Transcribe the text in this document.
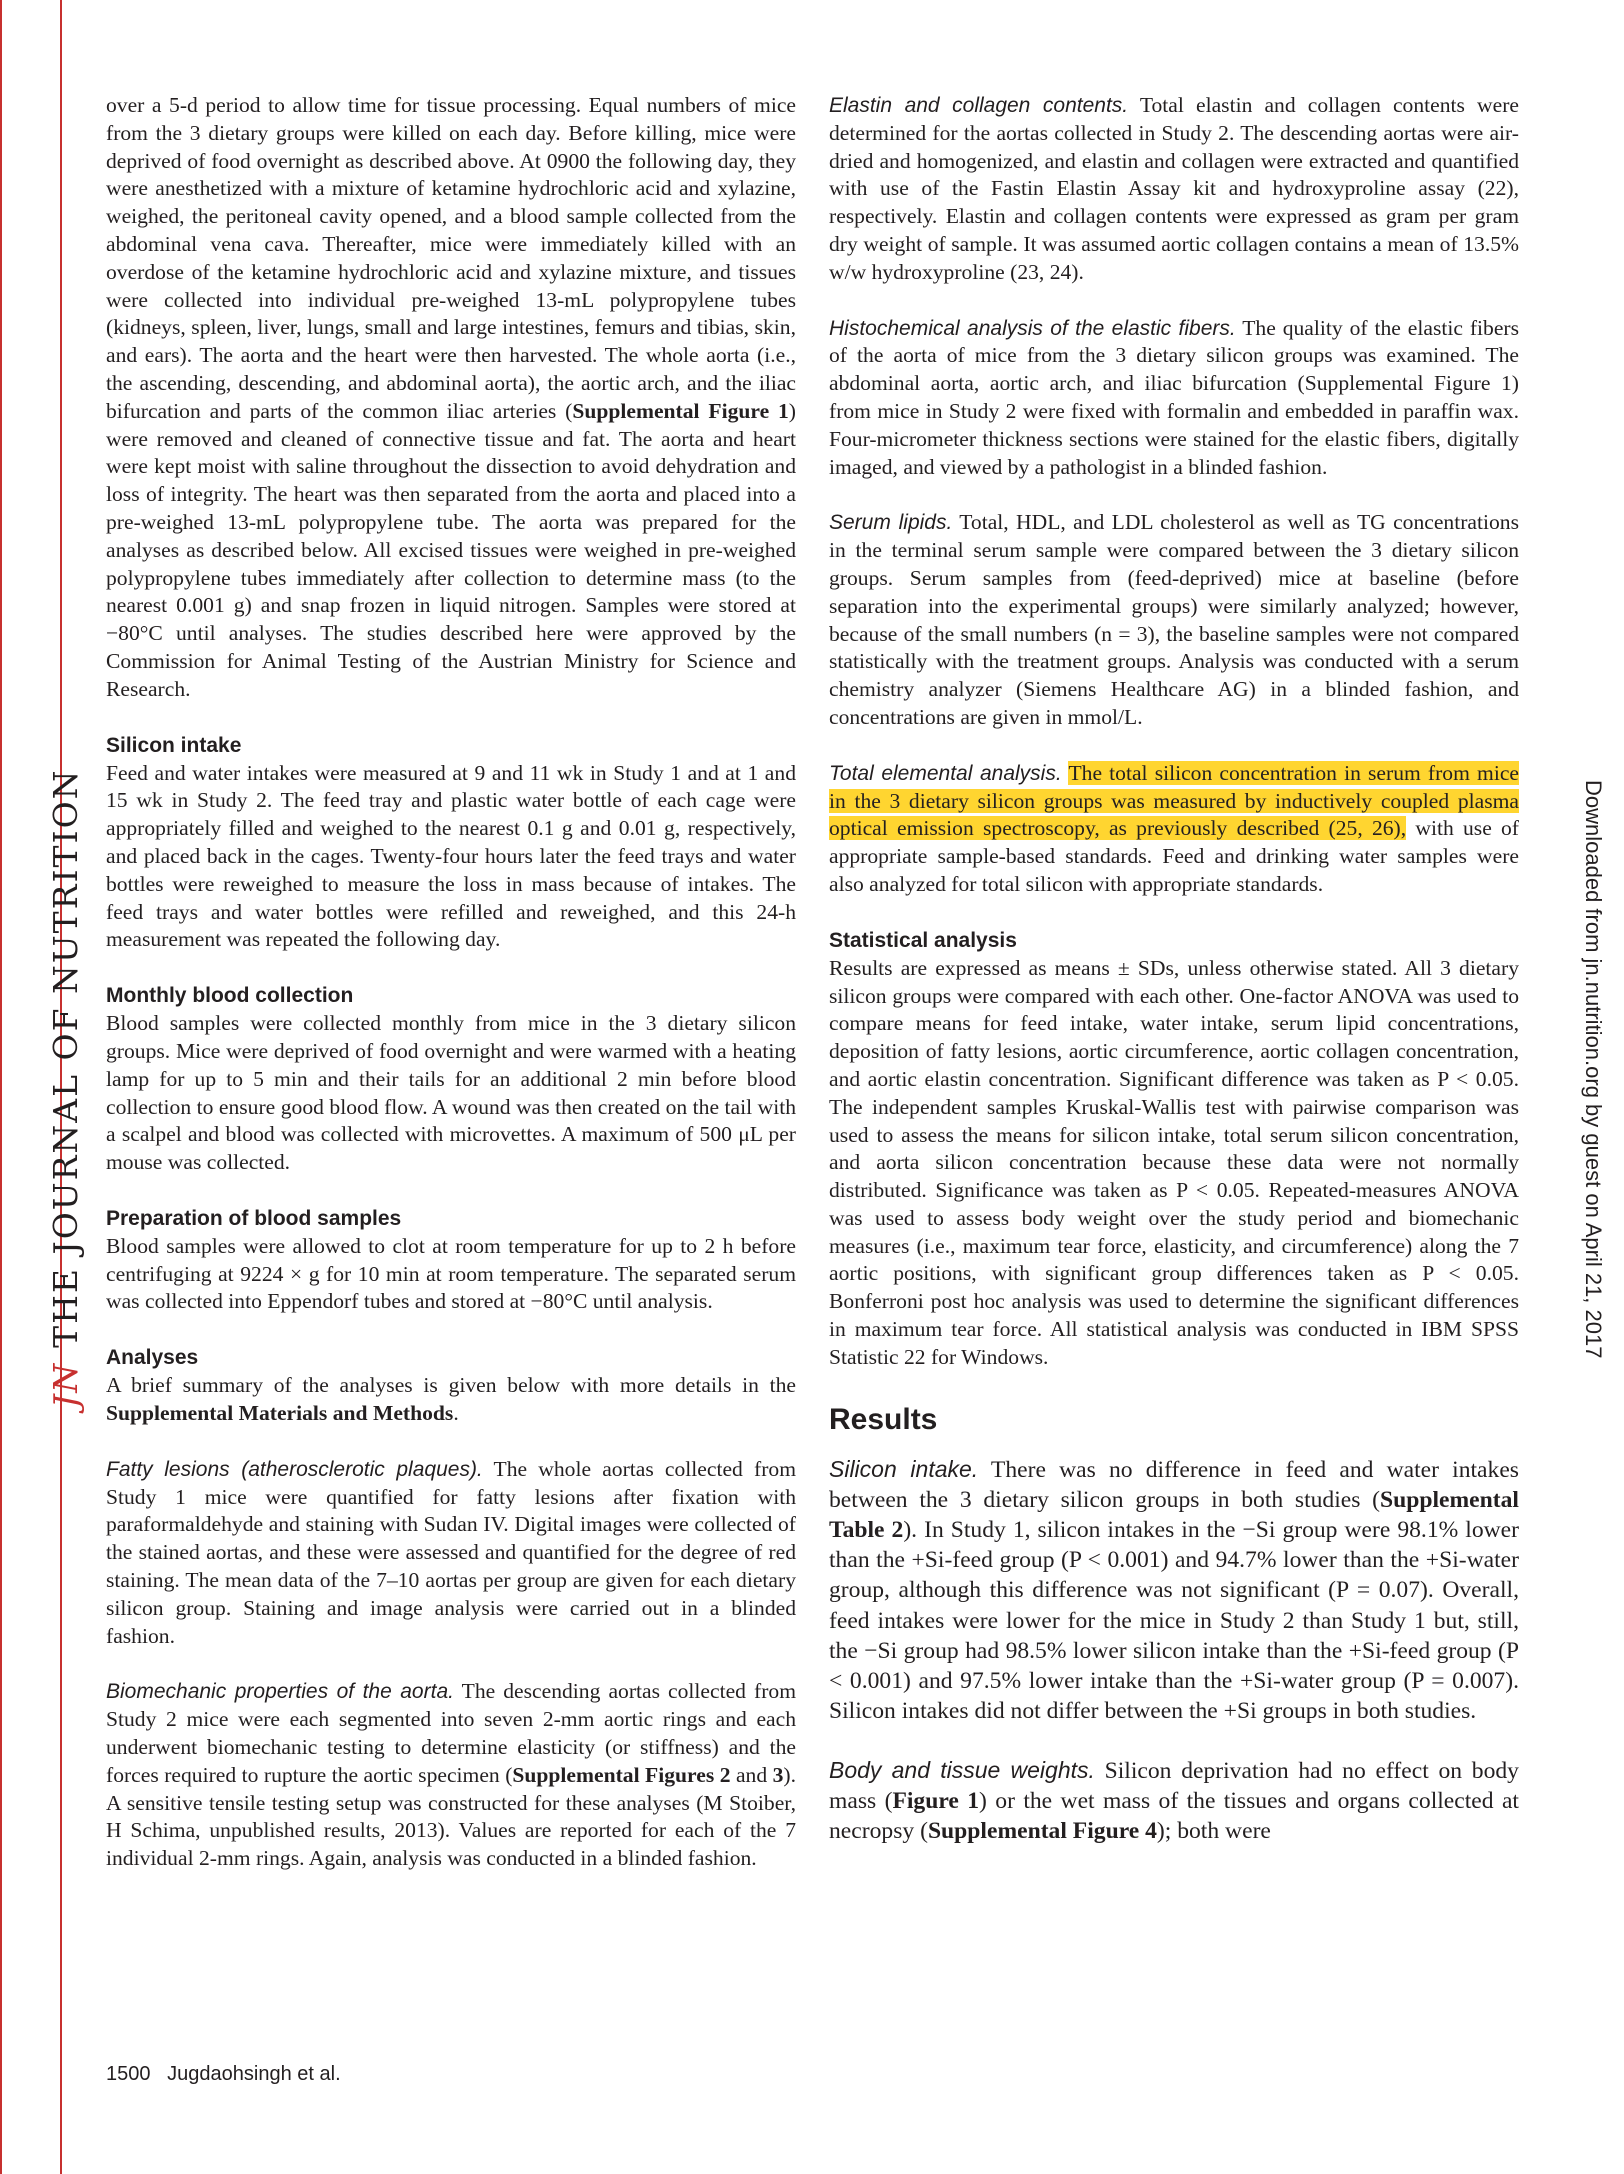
JNTHE JOURNAL OF NUTRITION	Downloaded from jn.nutrition.org by guest on April 21, 2017

over a 5-d period to allow time for tissue processing. Equal numbers of mice from the 3 dietary groups were killed on each day. Before killing, mice were deprived of food overnight as described above. At 0900 the following day, they were anesthetized with a mixture of ketamine hydrochloric acid and xylazine, weighed, the peritoneal cavity opened, and a blood sample collected from the abdominal vena cava. Thereafter, mice were immediately killed with an overdose of the ketamine hydrochloric acid and xylazine mixture, and tissues were collected into individual pre-weighed 13-mL polypropylene tubes (kidneys, spleen, liver, lungs, small and large intestines, femurs and tibias, skin, and ears). The aorta and the heart were then harvested. The whole aorta (i.e., the ascending, descending, and abdominal aorta), the aortic arch, and the iliac bifurcation and parts of the common iliac arteries (Supplemental Figure 1) were removed and cleaned of connective tissue and fat. The aorta and heart were kept moist with saline throughout the dissection to avoid dehydration and loss of integrity. The heart was then separated from the aorta and placed into a pre-weighed 13-mL polypropylene tube. The aorta was prepared for the analyses as described below. All excised tissues were weighed in pre-weighed polypropylene tubes immediately after collection to determine mass (to the nearest 0.001 g) and snap frozen in liquid nitrogen. Samples were stored at −80°C until analyses. The studies described here were approved by the Commission for Animal Testing of the Austrian Ministry for Science and Research.

Silicon intake

Feed and water intakes were measured at 9 and 11 wk in Study 1 and at 1 and 15 wk in Study 2. The feed tray and plastic water bottle of each cage were appropriately filled and weighed to the nearest 0.1 g and 0.01 g, respectively, and placed back in the cages. Twenty-four hours later the feed trays and water bottles were reweighed to measure the loss in mass because of intakes. The feed trays and water bottles were refilled and reweighed, and this 24-h measurement was repeated the following day.

Monthly blood collection

Blood samples were collected monthly from mice in the 3 dietary silicon groups. Mice were deprived of food overnight and were warmed with a heating lamp for up to 5 min and their tails for an additional 2 min before blood collection to ensure good blood flow. A wound was then created on the tail with a scalpel and blood was collected with microvettes. A maximum of 500 μL per mouse was collected.

Preparation of blood samples

Blood samples were allowed to clot at room temperature for up to 2 h before centrifuging at 9224 × g for 10 min at room temperature. The separated serum was collected into Eppendorf tubes and stored at −80°C until analysis.

Analyses

A brief summary of the analyses is given below with more details in the Supplemental Materials and Methods.

Fatty lesions (atherosclerotic plaques). The whole aortas collected from Study 1 mice were quantified for fatty lesions after fixation with paraformaldehyde and staining with Sudan IV. Digital images were collected of the stained aortas, and these were assessed and quantified for the degree of red staining. The mean data of the 7–10 aortas per group are given for each dietary silicon group. Staining and image analysis were carried out in a blinded fashion.

Biomechanic properties of the aorta. The descending aortas collected from Study 2 mice were each segmented into seven 2-mm aortic rings and each underwent biomechanic testing to determine elasticity (or stiffness) and the forces required to rupture the aortic specimen (Supplemental Figures 2 and 3). A sensitive tensile testing setup was constructed for these analyses (M Stoiber, H Schima, unpublished results, 2013). Values are reported for each of the 7 individual 2-mm rings. Again, analysis was conducted in a blinded fashion.

Elastin and collagen contents. Total elastin and collagen contents were determined for the aortas collected in Study 2. The descending aortas were air-dried and homogenized, and elastin and collagen were extracted and quantified with use of the Fastin Elastin Assay kit and hydroxyproline assay (22), respectively. Elastin and collagen contents were expressed as gram per gram dry weight of sample. It was assumed aortic collagen contains a mean of 13.5% w/w hydroxyproline (23, 24).

Histochemical analysis of the elastic fibers. The quality of the elastic fibers of the aorta of mice from the 3 dietary silicon groups was examined. The abdominal aorta, aortic arch, and iliac bifurcation (Supplemental Figure 1) from mice in Study 2 were fixed with formalin and embedded in paraffin wax. Four-micrometer thickness sections were stained for the elastic fibers, digitally imaged, and viewed by a pathologist in a blinded fashion.

Serum lipids. Total, HDL, and LDL cholesterol as well as TG concentrations in the terminal serum sample were compared between the 3 dietary silicon groups. Serum samples from (feed-deprived) mice at baseline (before separation into the experimental groups) were similarly analyzed; however, because of the small numbers (n = 3), the baseline samples were not compared statistically with the treatment groups. Analysis was conducted with a serum chemistry analyzer (Siemens Healthcare AG) in a blinded fashion, and concentrations are given in mmol/L.

Total elemental analysis. The total silicon concentration in serum from mice in the 3 dietary silicon groups was measured by inductively coupled plasma optical emission spectroscopy, as previously described (25, 26), with use of appropriate sample-based standards. Feed and drinking water samples were also analyzed for total silicon with appropriate standards.

Statistical analysis

Results are expressed as means ± SDs, unless otherwise stated. All 3 dietary silicon groups were compared with each other. One-factor ANOVA was used to compare means for feed intake, water intake, serum lipid concentrations, deposition of fatty lesions, aortic circumference, aortic collagen concentration, and aortic elastin concentration. Significant difference was taken as P < 0.05. The independent samples Kruskal-Wallis test with pairwise comparison was used to assess the means for silicon intake, total serum silicon concentration, and aorta silicon concentration because these data were not normally distributed. Significance was taken as P < 0.05. Repeated-measures ANOVA was used to assess body weight over the study period and biomechanic measures (i.e., maximum tear force, elasticity, and circumference) along the 7 aortic positions, with significant group differences taken as P < 0.05. Bonferroni post hoc analysis was used to determine the significant differences in maximum tear force. All statistical analysis was conducted in IBM SPSS Statistic 22 for Windows.

Results

Silicon intake. There was no difference in feed and water intakes between the 3 dietary silicon groups in both studies (Supplemental Table 2). In Study 1, silicon intakes in the −Si group were 98.1% lower than the +Si-feed group (P < 0.001) and 94.7% lower than the +Si-water group, although this difference was not significant (P = 0.07). Overall, feed intakes were lower for the mice in Study 2 than Study 1 but, still, the −Si group had 98.5% lower silicon intake than the +Si-feed group (P < 0.001) and 97.5% lower intake than the +Si-water group (P = 0.007). Silicon intakes did not differ between the +Si groups in both studies.

Body and tissue weights. Silicon deprivation had no effect on body mass (Figure 1) or the wet mass of the tissues and organs collected at necropsy (Supplemental Figure 4); both were

1500 Jugdaohsingh et al.
